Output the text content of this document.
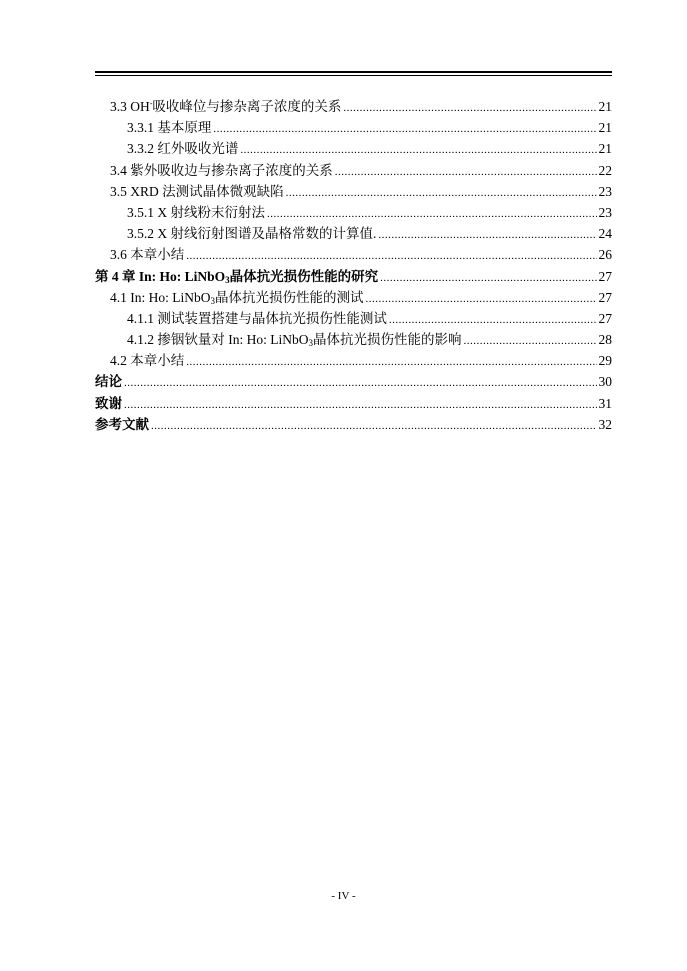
3.3 OH-吸收峰位与掺杂离子浓度的关系 .....	21
3.3.1 基本原理 .....	21
3.3.2 红外吸收光谱 .....	21
3.4 紫外吸收边与掺杂离子浓度的关系 .....	22
3.5 XRD 法测试晶体微观缺陷 .....	23
3.5.1 X 射线粉末衍射法 .....	23
3.5.2 X 射线衍射图谱及晶格常数的计算值. .....	24
3.6 本章小结 .....	26
第 4 章 In: Ho: LiNbO$_3$晶体抗光损伤性能的研究 .....	27
4.1 In: Ho: LiNbO$_3$晶体抗光损伤性能的测试 .....	27
4.1.1 测试装置搭建与晶体抗光损伤性能测试 .....	27
4.1.2 掺铟钬量对 In: Ho: LiNbO$_3$晶体抗光损伤性能的影响 .....	28
4.2 本章小结 .....	29
结论 .....	30
致谢 .....	31
参考文献 .....	32
- IV -
